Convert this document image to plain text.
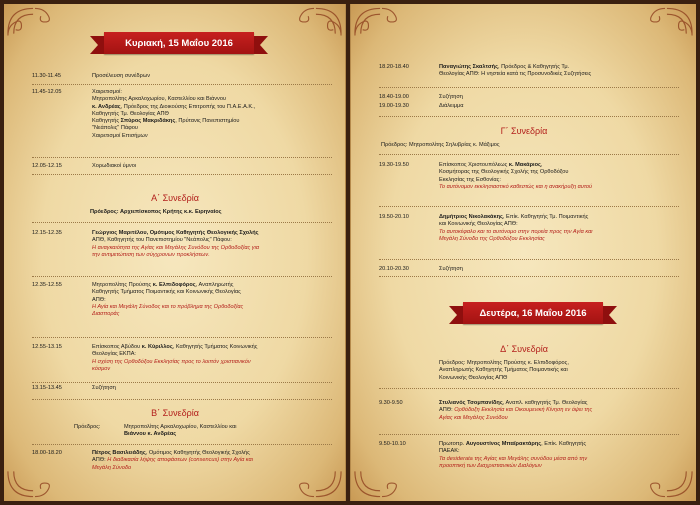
Κυριακή, 15 Μαΐου 2016
11.30-11.45	Προσέλευση συνέδρων
11.45-12.05	Χαιρετισμοί:
Μητροπολίτης Αρκαλοχωρίου, Καστελλίου και Βιάννου
κ. Ανδρέας, Πρόεδρος της Διοικούσης Επιτροπής του Π.Α.Ε.Α.Κ.,
Καθηγητής Τμ. Θεολογίας ΑΠΘ
Καθηγητής Σπύρος Μακριδάκης, Πρύτανις Πανεπιστημίου
"Νεάπολις" Πάφου
Χαιρετισμοί Επισήμων
12.05-12.15	Χορωδιακοί ύμνοι
Α΄ Συνεδρία
Πρόεδρος: Αρχιεπίσκοπος Κρήτης κ.κ. Ειρηναίος
12.15-12.35	Γεώργιος Μαριτέλου, Ομότιμος Καθηγητής Θεολογικής Σχολής
ΑΠΘ, Καθηγητής του Πανεπιστημίου "Νεάπολις" Πάφου:
Η αναγκαιότητα της Αγίας και Μεγάλης Συνόδου της Ορθοδοξίας για
την αντιμετώπιση των σύγχρονων προκλήσεων.
12.35-12.55	Μητροπολίτης Προύσης κ. Ελπιδοφόρος, Αναπληρωτής
Καθηγητής Τμήματος Ποιμαντικής και Κοινωνικής Θεολογίας
ΑΠΘ:
Η Αγία και Μεγάλη Σύνοδος και το πρόβλημα της Ορθοδοξίας
Διασποράς
12.55-13.15	Επίσκοπος Αβύδου κ. Κύριλλος, Καθηγητής Τμήματος Κοινωνικής
Θεολογίας ΕΚΠΑ:
Η σχέση της Ορθοδόξου Εκκλησίας προς το λοιπόν χριστιανικόν
κόσμον
13.15-13.45	Συζήτηση
Β΄ Συνεδρία
Πρόεδρος:	Μητροπολίτης Αρκαλοχωρίου, Καστελλίου και
Βιάννου κ. Ανδρέας
18.00-18.20	Πέτρος Βασιλειάδης, Ομότιμος Καθηγητής Θεολογικής Σχολής
ΑΠΘ: Η διαδικασία λήψης αποφάσεων (consencus) στην Αγία και
Μεγάλη Σύνοδο
18.20-18.40	Παναγιώτης Σκαλτσής, Πρόεδρος & Καθηγητής Τμ.
Θεολογίας ΑΠΘ: Η νηστεία κατά τις Προσυνοδικές Συζητήσεις
18.40-19.00	Συζήτηση
19.00-19.30	Διάλειμμα
Γ΄ Συνεδρία
Πρόεδρος: Μητροπολίτης Σηλυβρίας κ. Μάξιμος
19.30-19.50	Επίσκοπος Χριστουπόλεως κ. Μακάριος,
Κοσμήτορας της Θεολογικής Σχολής της Ορθοδόξου
Εκκλησίας της Εσθονίας:
Το αυτόνομον εκκλησιαστικό καθεστώς και η ανακήρυξη αυτού
19.50-20.10	Δημήτριος Νικολακάκης, Επίκ. Καθηγητής Τμ. Ποιμαντικής
και Κοινωνικής Θεολογίας ΑΠΘ:
Το αυτοκέφαλο και το αυτόνομο στην πορεία προς την Αγία και
Μεγάλη Σύνοδο της Ορθοδόξου Εκκλησίας
20.10-20.30	Συζήτηση
Δευτέρα, 16 Μαΐου 2016
Δ΄ Συνεδρία
Πρόεδρος: Μητροπολίτης Προύσης κ. Ελπιδοφόρος,
Αναπληρωτής Καθηγητής Τμήματος Ποιμαντικής και
Κοινωνικής Θεολογίας ΑΠΘ
9.30-9.50	Στυλιανός Τσομπανίδης, Αναπλ. καθηγητής Τμ. Θεολογίας
ΑΠΘ: Ορθόδοξη Εκκλησία και Οικουμενική Κίνηση εν όψει της
Αγίας και Μεγάλης Συνόδου
9.50-10.10	Πρωτοπρ. Αυγουστίνος Μπαϊρακτάρης, Επίκ. Καθηγητής
ΠΑΕΑΚ:
Τα desiderata της Αγίας και Μεγάλης συνόδου μέσα από την
προοπτική των Διαχριστιανικών Διαλόγων
